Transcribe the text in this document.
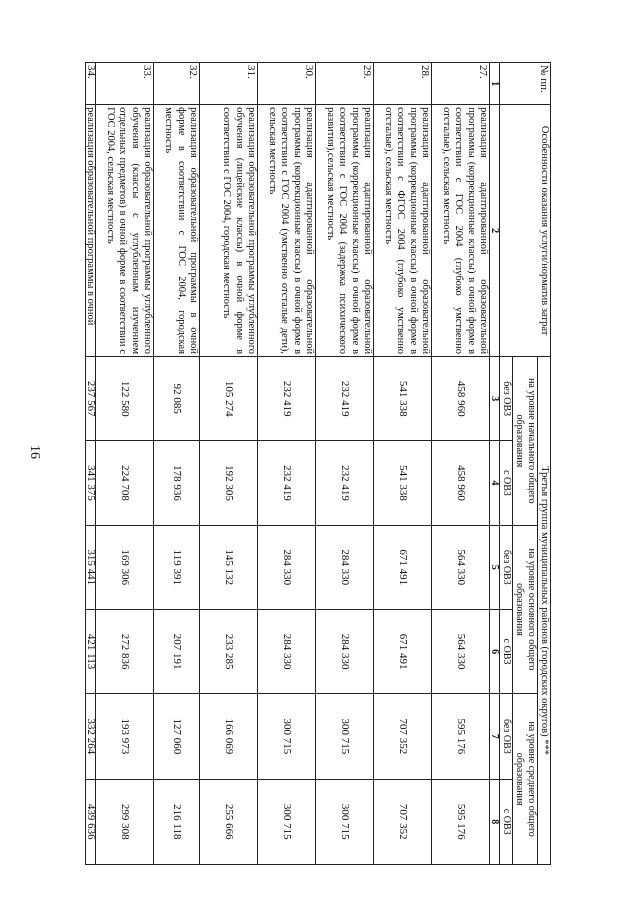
16
№ пп.	Особенности оказания услуги/норматив затрат	Третья группа муниципальных районов (городских округов) ***					
		на уровне начального общего образования		на уровне основного общего образования		на уровне среднего общего образования	
		без ОВЗ	с ОВЗ	без ОВЗ	с ОВЗ	без ОВЗ	с ОВЗ
1	2	3	4	5	6	7	8
27.	реализация адаптированной образовательной программы (коррекционные классы) в очной форме в соответствии с ГОС 2004 (глубоко умственно отсталые), сельская местность	458 960	458 960	564 330	564 330	595 176	595 176
28.	реализация адаптированной образовательной программы (коррекционные классы) в очной форме в соответствии с ФГОС 2004 (глубоко умственно отсталые), сельская местность	541 338	541 338	671 491	671 491	707 352	707 352
29.	реализация адаптированной образовательной программы (коррекционные классы) в очной форме в соответствии с ГОС 2004 (задержка психического развития),сельская местность	232 419	232 419	284 330	284 330	300 715	300 715
30.	реализация адаптированной образовательной программы (коррекционные классы) в очной форме в соответствии с ГОС 2004 (умственно отсталые дети), сельская местность	232 419	232 419	284 330	284 330	300 715	300 715
31.	реализация образовательной программы углубленного обучения (лицейские классы) в очной форме в соответствии с ГОС 2004, городская местность	105 274	192 305	145 132	233 285	166 069	255 666
32.	реализация образовательной программы в очной форме в соответствии с ГОС 2004, городская местность	92 085	178 936	119 391	207 191	127 060	216 118
33.	реализация образовательной программы углубленного обучения (классы с углубленным изучением отдельных предметов) в очной форме в соответствии с ГОС 2004, сельская местность	122 580	224 708	169 306	272 836	193 973	299 308
34.	реализация образовательной программы в очной	237 567	341 375	315 441	421 113	332 264	439 636
